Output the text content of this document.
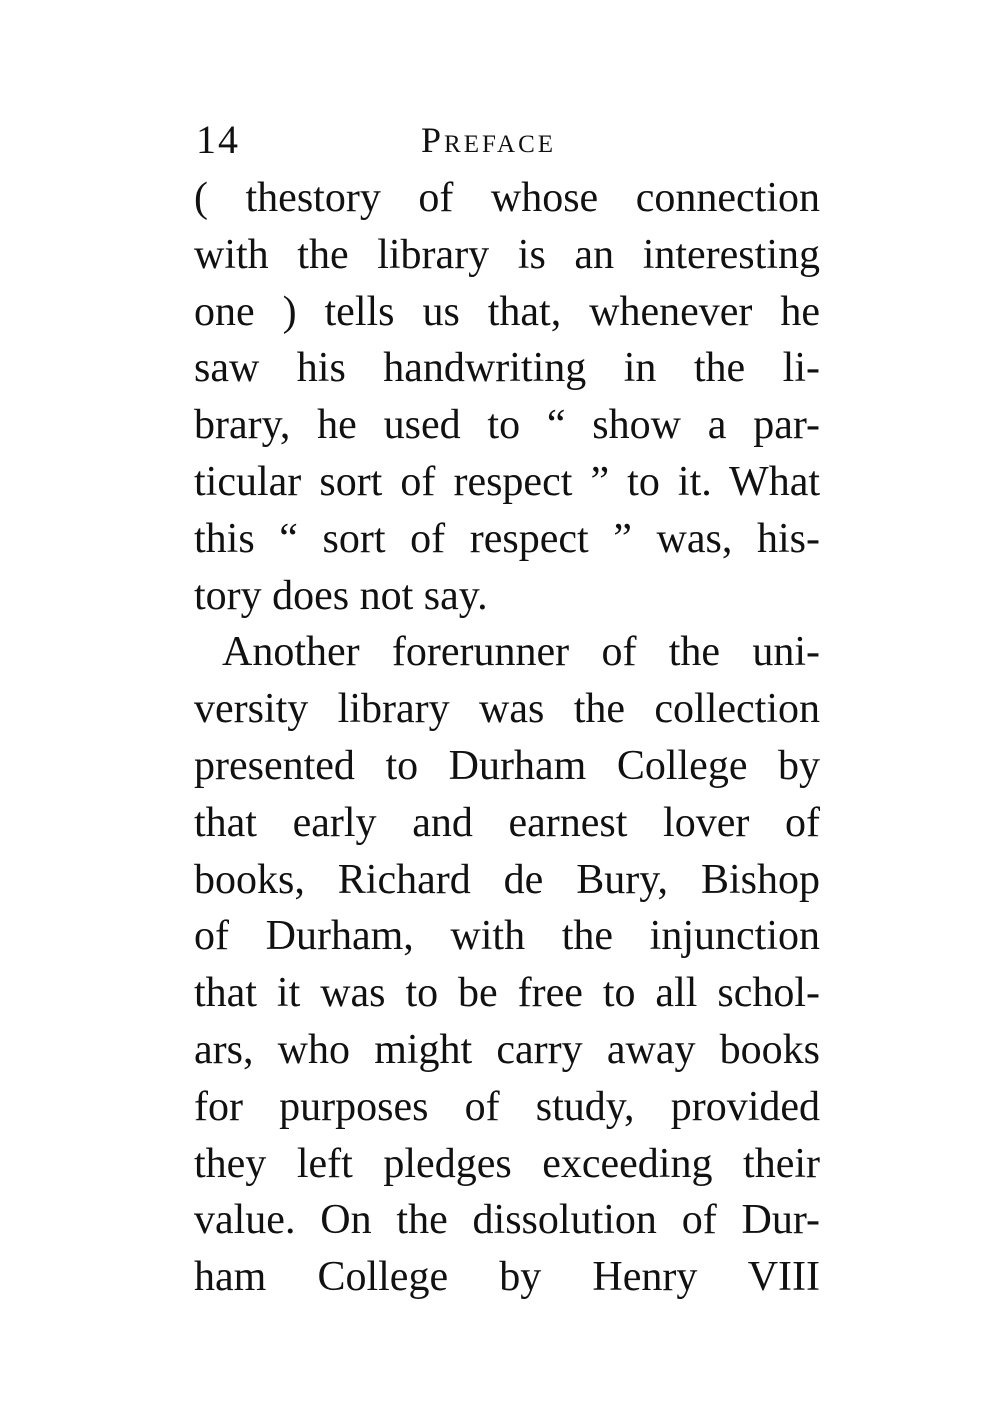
14	Preface
( thestory of whose connection
with the library is an interesting
one ) tells us that, whenever he
saw his handwriting in the li-
brary, he used to “ show a par-
ticular sort of respect ” to it. What
this “ sort of respect ” was, his-
tory does not say.
Another forerunner of the uni-
versity library was the collection
presented to Durham College by
that early and earnest lover of
books, Richard de Bury, Bishop
of Durham, with the injunction
that it was to be free to all schol-
ars, who might carry away books
for purposes of study, provided
they left pledges exceeding their
value. On the dissolution of Dur-
ham College by Henry VIII
